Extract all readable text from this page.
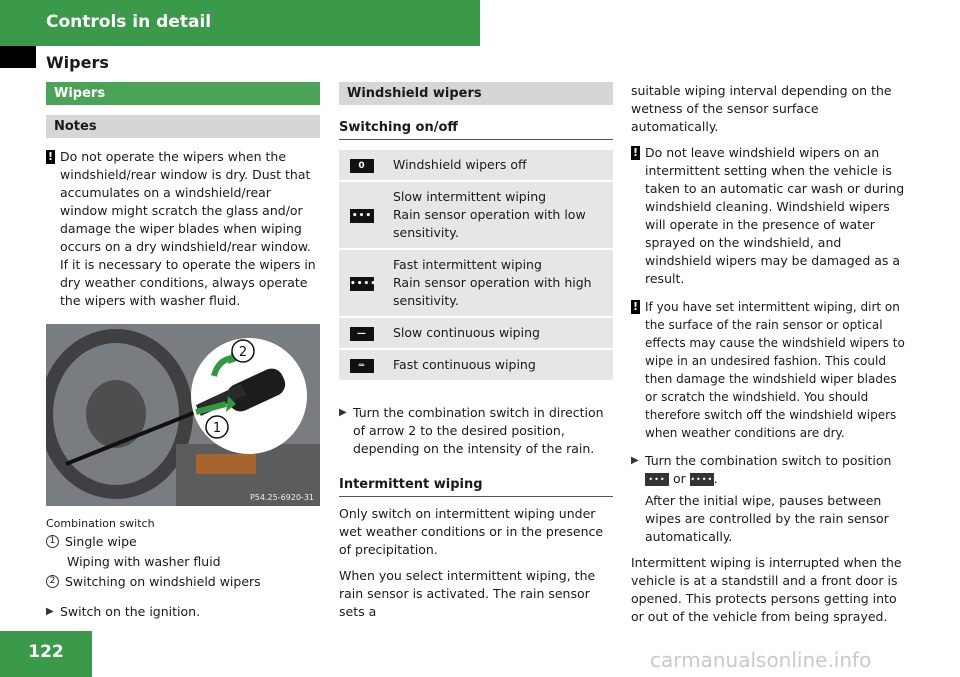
Controls in detail
Wipers
Wipers
Notes
! Do not operate the wipers when the windshield/rear window is dry. Dust that accumulates on a windshield/rear window might scratch the glass and/or damage the wiper blades when wiping occurs on a dry windshield/rear window. If it is necessary to operate the wipers in dry weather conditions, always operate the wipers with washer fluid.
2
1
P54.25-6920-31
Combination switch
1 Single wipe
Wiping with washer fluid
2 Switching on windshield wipers
▶ Switch on the ignition.
Windshield wipers
Switching on/off
0	Windshield wipers off
•••	Slow intermittent wiping
Rain sensor operation with low sensitivity.

••••	Fast intermittent wiping
Rain sensor operation with high sensitivity.

—	Slow continuous wiping
═	Fast continuous wiping
▶ Turn the combination switch in direction of arrow 2 to the desired position, depending on the intensity of the rain.
Intermittent wiping
Only switch on intermittent wiping under wet weather conditions or in the presence of precipitation.
When you select intermittent wiping, the rain sensor is activated. The rain sensor sets a
suitable wiping interval depending on the wetness of the sensor surface automatically.
! Do not leave windshield wipers on an intermittent setting when the vehicle is taken to an automatic car wash or during windshield cleaning. Windshield wipers will operate in the presence of water sprayed on the windshield, and windshield wipers may be damaged as a result.
! If you have set intermittent wiping, dirt on the surface of the rain sensor or optical effects may cause the windshield wipers to wipe in an undesired fashion. This could then damage the windshield wiper blades or scratch the windshield. You should therefore switch off the windshield wipers when weather conditions are dry.
▶ Turn the combination switch to position
••• or ••••.
After the initial wipe, pauses between wipes are controlled by the rain sensor automatically.
Intermittent wiping is interrupted when the vehicle is at a standstill and a front door is opened. This protects persons getting into or out of the vehicle from being sprayed.
122	carmanualsonline.info
